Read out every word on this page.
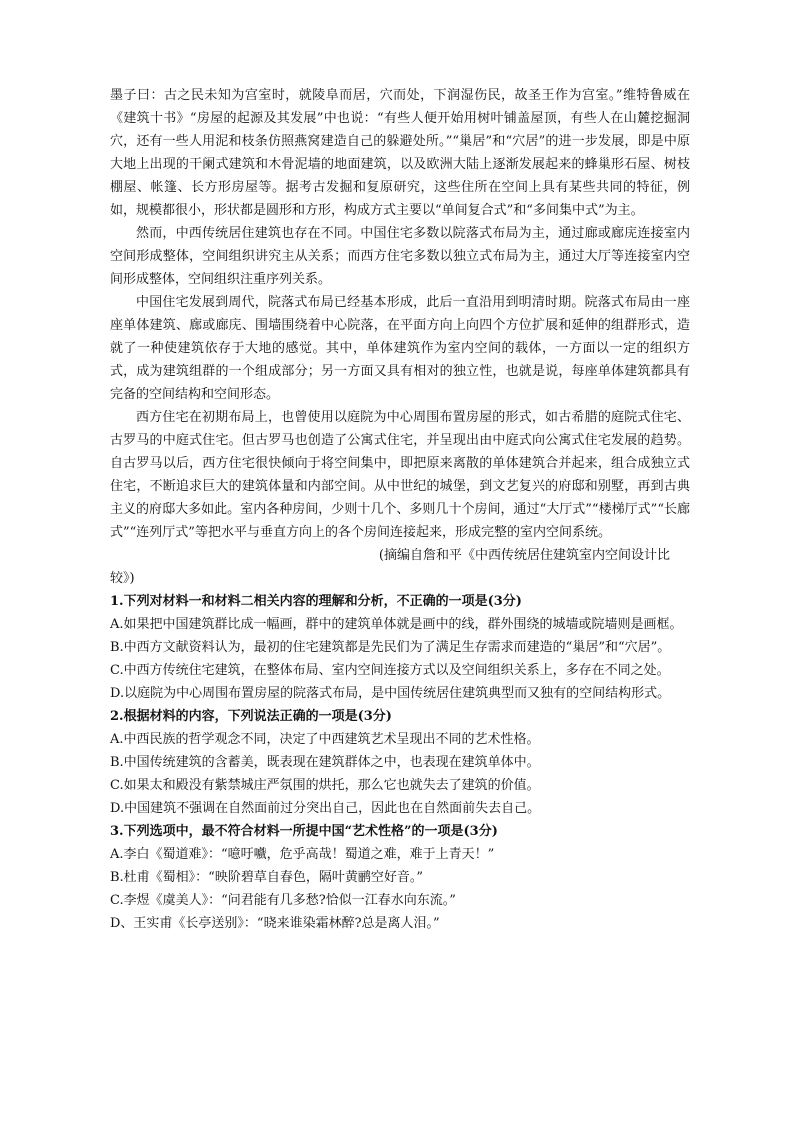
墨子曰：古之民未知为宫室时，就陵阜而居，穴而处，下润湿伤民，故圣王作为宫室。”维特鲁威在《建筑十书》“房屋的起源及其发展”中也说：“有些人便开始用树叶铺盖屋顶，有些人在山麓挖掘洞穴，还有一些人用泥和枝条仿照燕窝建造自己的躲避处所。”“巢居”和“穴居”的进一步发展，即是中原大地上出现的干阑式建筑和木骨泥墙的地面建筑，以及欧洲大陆上逐渐发展起来的蜂巢形石屋、树枝棚屋、帐篷、长方形房屋等。据考古发掘和复原研究，这些住所在空间上具有某些共同的特征，例如，规模都很小，形状都是圆形和方形，构成方式主要以“单间复合式”和“多间集中式”为主。

然而，中西传统居住建筑也存在不同。中国住宅多数以院落式布局为主，通过廊或廊庑连接室内空间形成整体，空间组织讲究主从关系；而西方住宅多数以独立式布局为主，通过大厅等连接室内空间形成整体，空间组织注重序列关系。

中国住宅发展到周代，院落式布局已经基本形成，此后一直沿用到明清时期。院落式布局由一座座单体建筑、廊或廊庑、围墙围绕着中心院落，在平面方向上向四个方位扩展和延伸的组群形式，造就了一种使建筑依存于大地的感觉。其中，单体建筑作为室内空间的载体，一方面以一定的组织方式，成为建筑组群的一个组成部分；另一方面又具有相对的独立性，也就是说，每座单体建筑都具有完备的空间结构和空间形态。

西方住宅在初期布局上，也曾使用以庭院为中心周围布置房屋的形式，如古希腊的庭院式住宅、古罗马的中庭式住宅。但古罗马也创造了公寓式住宅，并呈现出由中庭式向公寓式住宅发展的趋势。自古罗马以后，西方住宅很快倾向于将空间集中，即把原来离散的单体建筑合并起来，组合成独立式住宅，不断追求巨大的建筑体量和内部空间。从中世纪的城堡，到文艺复兴的府邸和别墅，再到古典主义的府邸大多如此。室内各种房间，少则十几个、多则几十个房间，通过“大厅式”“楼梯厅式”“长廊式”“连列厅式”等把水平与垂直方向上的各个房间连接起来，形成完整的室内空间系统。

(摘编自詹和平《中西传统居住建筑室内空间设计比

较》)

1.下列对材料一和材料二相关内容的理解和分析，不正确的一项是(3分)

A.如果把中国建筑群比成一幅画，群中的建筑单体就是画中的线，群外围绕的城墙或院墙则是画框。

B.中西方文献资料认为，最初的住宅建筑都是先民们为了满足生存需求而建造的“巢居”和“穴居”。

C.中西方传统住宅建筑，在整体布局、室内空间连接方式以及空间组织关系上，多存在不同之处。

D.以庭院为中心周围布置房屋的院落式布局，是中国传统居住建筑典型而又独有的空间结构形式。

2.根据材料的内容，下列说法正确的一项是(3分)

A.中西民族的哲学观念不同，决定了中西建筑艺术呈现出不同的艺术性格。

B.中国传统建筑的含蓄美，既表现在建筑群体之中，也表现在建筑单体中。

C.如果太和殿没有紫禁城庄严氛围的烘托，那么它也就失去了建筑的价值。

D.中国建筑不强调在自然面前过分突出自己，因此也在自然面前失去自己。

3.下列选项中，最不符合材料一所提中国“艺术性格”的一项是(3分)

A.李白《蜀道难》：“噫吁嚱，危乎高哉！蜀道之难，难于上青天！”

B.杜甫《蜀相》：“映阶碧草自春色，隔叶黄鹂空好音。”

C.李煜《虞美人》：“问君能有几多愁?恰似一江春水向东流。”

D、王实甫《长亭送别》：“晓来谁染霜林醉?总是离人泪。”
